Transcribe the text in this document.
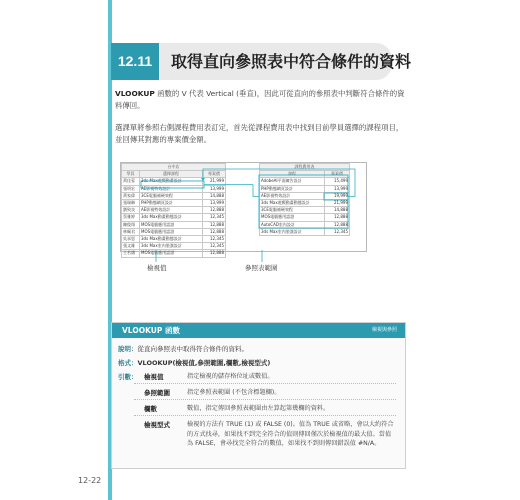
12-22
12.11	取得直向參照表中符合條件的資料
VLOOKUP 函數的 V 代表 Vertical (垂直)，因此可從直向的參照表中判斷符合條件的資料傳回。
選課單將參照右側課程費用表訂定，首先從課程費用表中找到目前學員選擇的課程項目，並回傳其對應的專案價金額。
台中店		
學員	選擇課程	專案價
黃佳蓉	3ds Max遊戲動畫設計	21,999
張明宏	AE影視特效設計	13,999
黃家偉	3CE電腦補硬效程	14,888
張瑞琳	PHP動態網頁設計	13,999
劉致良	AE影視特效設計	12,888
蔡雅婷	3ds Max動畫動態設計	12,345
陳俊翔	MOS電腦應用認證	12,888
林佩君	MOS電腦應用認證	12,888
吳承恩	3ds Max動畫動態設計	12,345
張文雄	3ds Max室內裝潢設計	12,345
王若涵	MOS電腦應用認證	12,888
課程費用表	
課程	專案價
AdobeAI平面廣告設計	15,499
PHP動態網頁設計	13,999
AE影視特效設計	19,999
3ds Max遊戲動畫動態設計	21,999
3CE電腦補硬效程	14,888
MOS電腦應用認證	12,888
AutoCAD室內設計	12,888
3ds Max室內裝潢設計	12,345
檢視值	參照表範圍
VLOOKUP 函數	檢視與參照
說明：從直向參照表中取得符合條件的資料。
格式：VLOOKUP(檢視值,參照範圍,欄數,檢視型式)
引數： 檢視值	指定檢視的儲存格位址或數值。
參照範圍	指定參照表範圍 (不包含標題欄)。
欄數	數值，指定傳回參照表範圍由左算起第幾欄的資料。
檢視型式	檢視的方法有 TRUE (1) 或 FALSE (0)。值為 TRUE 或省略，會以大約符合的方式找尋，如果找不到完全符合的值則傳回僅次於檢視值的最大值。當值為 FALSE，會尋找完全符合的數值，如果找不到則傳回錯誤值 #N/A。
